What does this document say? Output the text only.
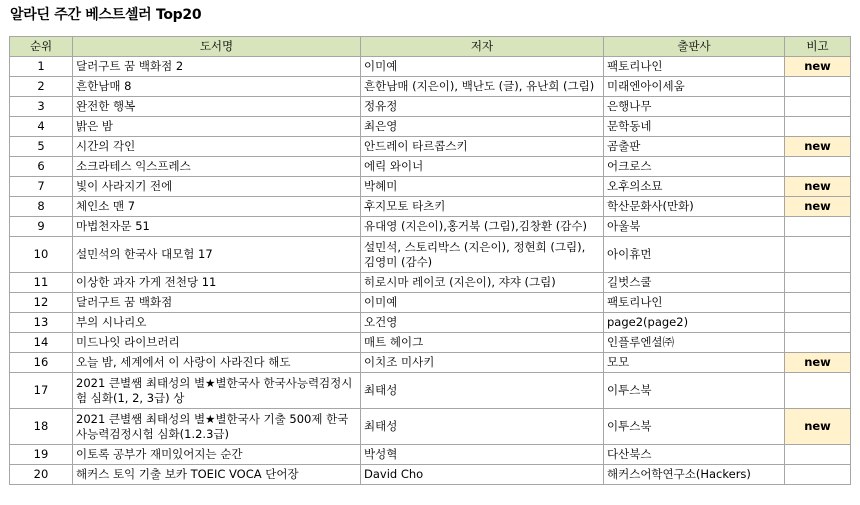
알라딘 주간 베스트셀러 Top20
순위	도서명	저자	출판사	비고
1	달러구트 꿈 백화점 2	이미예	팩토리나인	new
2	흔한남매 8	흔한남매 (지은이), 백난도 (글), 유난희 (그림)	미래엔아이세움	
3	완전한 행복	정유정	은행나무	
4	밝은 밤	최은영	문학동네	
5	시간의 각인	안드레이 타르콥스키	곰출판	new
6	소크라테스 익스프레스	에릭 와이너	어크로스	
7	빛이 사라지기 전에	박혜미	오후의소묘	new
8	체인소 맨 7	후지모토 타츠키	학산문화사(만화)	new
9	마법천자문 51	유대영 (지은이),홍거북 (그림),김창환 (감수)	아울북	
10	설민석의 한국사 대모험 17	설민석, 스토리박스 (지은이), 정현희 (그림), 김영미 (감수)	아이휴먼	
11	이상한 과자 가게 전천당 11	히로시마 레이코 (지은이), 쟈쟈 (그림)	길벗스쿨	
12	달러구트 꿈 백화점	이미예	팩토리나인	
13	부의 시나리오	오건영	page2(page2)	
14	미드나잇 라이브러리	매트 헤이그	인플루엔셜㈜	
16	오늘 밤, 세계에서 이 사랑이 사라진다 해도	이치조 미사키	모모	new
17	2021 큰별쌤 최태성의 별★별한국사 한국사능력검정시험 심화(1, 2, 3급) 상	최태성	이투스북	
18	2021 큰별쌤 최태성의 별★별한국사 기출 500제 한국사능력검정시험 심화(1.2.3급)	최태성	이투스북	new
19	이토록 공부가 재미있어지는 순간	박성혁	다산북스	
20	해커스 토익 기출 보카 TOEIC VOCA 단어장	David Cho	해커스어학연구소(Hackers)	
